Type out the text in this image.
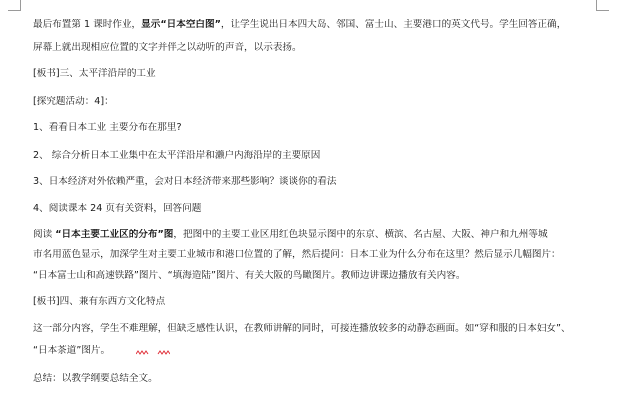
最后布置第 1 课时作业，显示“日本空白图”，让学生说出日本四大岛、邻国、富士山、主要港口的英文代号。学生回答正确，
屏幕上就出现相应位置的文字并伴之以动听的声音，以示表扬。
[板书]三、太平洋沿岸的工业
[探究题活动：4]：
1、看看日本工业 主要分布在那里?
2、 综合分析日本工业集中在太平洋沿岸和濑户内海沿岸的主要原因
3、日本经济对外依赖严重，会对日本经济带来那些影响？谈谈你的看法
4、阅读课本 24 页有关资料，回答问题
阅读 “日本主要工业区的分布”图，把图中的主要工业区用红色块显示图中的东京、横滨、名古屋、大阪、神户和九州等城
市名用蓝色显示，加深学生对主要工业城市和港口位置的了解，然后提问：日本工业为什么分布在这里？然后显示几幅图片：
“日本富士山和高速铁路”图片、“填海造陆”图片、有关大阪的鸟瞰图片。教师边讲课边播放有关内容。
[板书]四、兼有东西方文化特点
这一部分内容，学生不难理解，但缺乏感性认识，在教师讲解的同时，可接连播放较多的动静态画面。如“穿和服的日本妇女”、
“日本茶道”图片。
总结：以教学纲要总结全文。
